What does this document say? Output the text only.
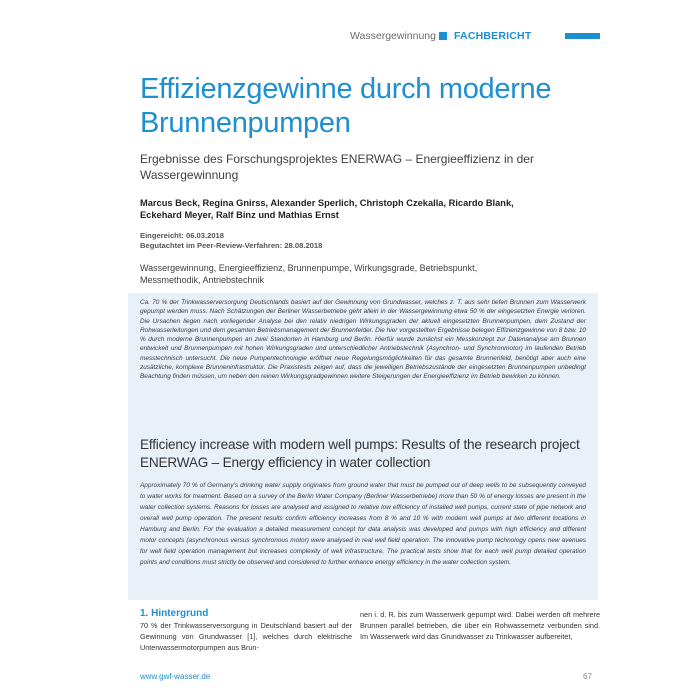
Wassergewinnung FACHBERICHT
Effizienzgewinne durch moderne Brunnenpumpen

Ergebnisse des Forschungsprojektes ENERWAG – Energieeffizienz in der Wassergewinnung

Marcus Beck, Regina Gnirss, Alexander Sperlich, Christoph Czekalla, Ricardo Blank, Eckehard Meyer, Ralf Binz und Mathias Ernst

Eingereicht: 06.03.2018
Begutachtet im Peer-Review-Verfahren: 28.08.2018

Wassergewinnung, Energieeffizienz, Brunnenpumpe, Wirkungsgrade, Betriebspunkt, Messmethodik, Antriebstechnik

Ca. 70 % der Trinkwasserversorgung Deutschlands basiert auf der Gewinnung von Grundwasser, welches z. T. aus sehr tiefen Brunnen zum Wasserwerk gepumpt werden muss. Nach Schätzungen der Berliner Wasserbetriebe geht allein in der Wassergewinnung etwa 50 % der eingesetzten Energie verloren. Die Ursachen liegen nach vorliegender Analyse bei den relativ niedrigen Wirkungsgraden der aktuell eingesetzten Brunnenpumpen, dem Zustand der Rohwasserleitungen und dem gesamten Betriebsmanagement der Brunnenfelder. Die hier vorgestellten Ergebnisse belegen Effizienzgewinne von 8 bzw. 10 % durch moderne Brunnenpumpen an zwei Standorten in Hamburg und Berlin. Hierfür wurde zunächst ein Messkonzept zur Datenanalyse am Brunnen entwickelt und Brunnenpumpen mit hohen Wirkungsgraden und unterschiedlicher Antriebstechnik (Asynchron- und Synchronmotor) im laufenden Betrieb messtechnisch untersucht. Die neue Pumpentechnologie eröffnet neue Regelungsmöglichkeiten für das gesamte Brunnenfeld, benötigt aber auch eine zusätzliche, komplexe Brunneninfrastruktur. Die Praxistests zeigen auf, dass die jeweiligen Betriebszustände der eingesetzten Brunnenpumpen unbedingt Beachtung finden müssen, um neben den reinen Wirkungsgradgewinnen weitere Steigerungen der Energieeffizienz im Betrieb bewirken zu können.

Efficiency increase with modern well pumps: Results of the research project ENERWAG – Energy efficiency in water collection

Approximately 70 % of Germany's drinking water supply originates from ground water that must be pumped out of deep wells to be subsequently conveyed to water works for treatment. Based on a survey of the Berlin Water Company (Berliner Wasserbetriebe) more than 50 % of energy losses are present in the water collection systems. Reasons for losses are analysed and assigned to relative low efficiency of installed well pumps, current state of pipe network and overall well pump operation. The present results confirm efficiency increases from 8 % and 10 % with modern well pumps at two different locations in Hamburg and Berlin. For the evaluation a detailed measurement concept for data analysis was developed and pumps with high efficiency and different motor concepts (asynchronous versus synchronous motor) were analysed in real well field operation. The innovative pump technology opens new avenues for well field operation management but increases complexity of well infrastructure. The practical tests show that for each well pump detailed operation points and conditions must strictly be observed and considered to further enhance energy efficiency in the water collection system.

1. Hintergrund

70 % der Trinkwasserversorgung in Deutschland basiert auf der Gewinnung von Grundwasser [1], welches durch elektrische Unterwassermotorpumpen aus Brun-

nen i. d. R. bis zum Wasserwerk gepumpt wird. Dabei werden oft mehrere Brunnen parallel betrieben, die über ein Rohwassernetz verbunden sind. Im Wasserwerk wird das Grundwasser zu Trinkwasser aufbereitet,

www.gwf-wasser.de	67
